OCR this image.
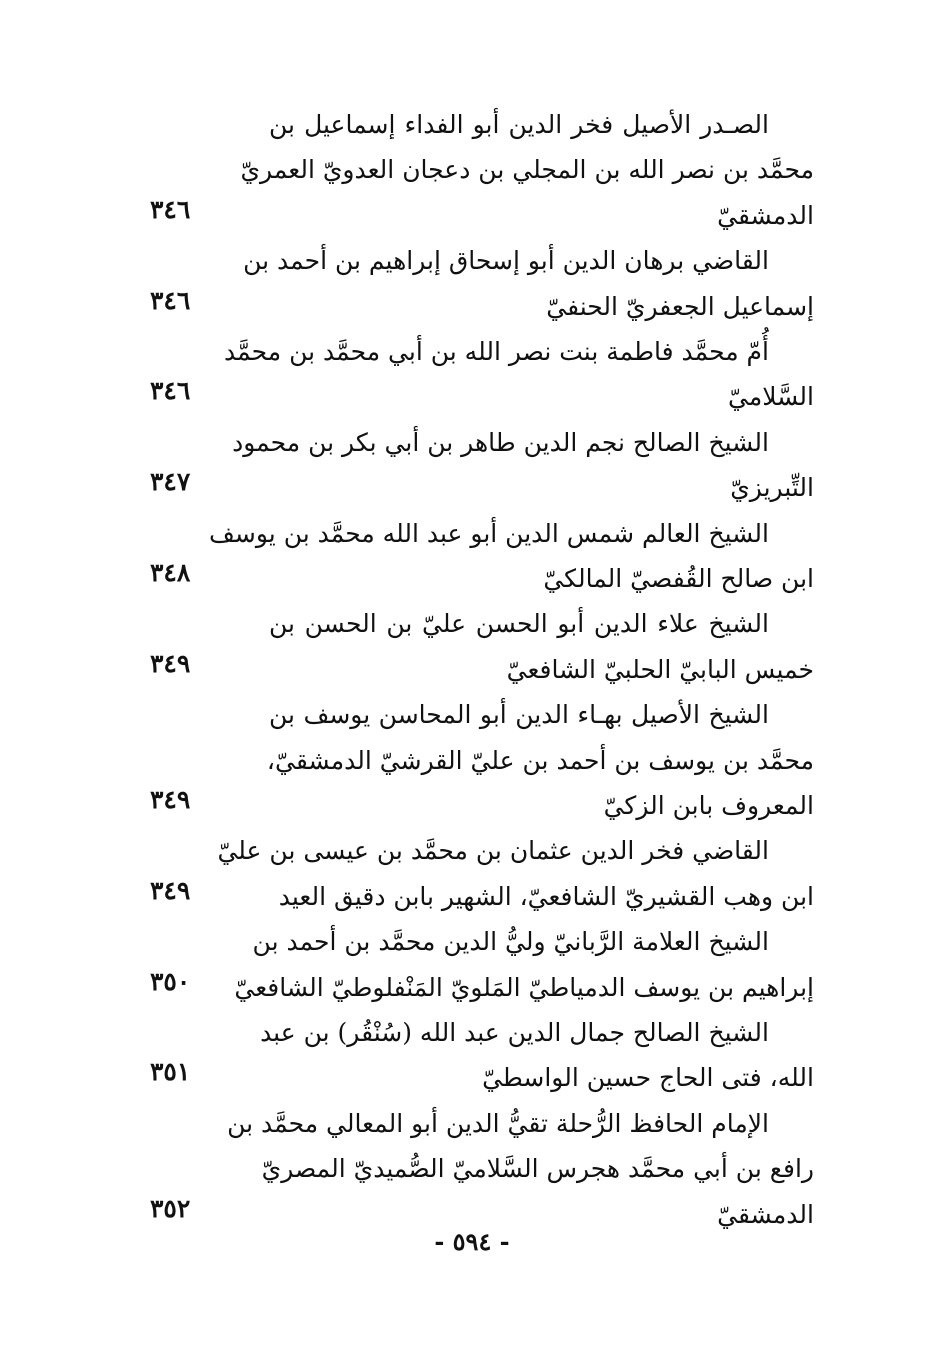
الصـدر الأصيل فخر الدين أبو الفداء إسماعيل بن
محمَّد بن نصر الله بن المجلي بن دعجان العدويّ العمريّ
الدمشقيّ
٣٤٦
القاضي برهان الدين أبو إسحاق إبراهيم بن أحمد بن
إسماعيل الجعفريّ الحنفيّ
٣٤٦
أُمّ محمَّد فاطمة بنت نصر الله بن أبي محمَّد بن محمَّد
السَّلاميّ
٣٤٦
الشيخ الصالح نجم الدين طاهر بن أبي بكر بن محمود
التِّبريزيّ
٣٤٧
الشيخ العالم شمس الدين أبو عبد الله محمَّد بن يوسف
ابن صالح القُفصيّ المالكيّ
٣٤٨
الشيخ علاء الدين أبو الحسن عليّ بن الحسن بن
خميس البابيّ الحلبيّ الشافعيّ
٣٤٩
الشيخ الأصيل بهـاء الدين أبو المحاسن يوسف بن
محمَّد بن يوسف بن أحمد بن عليّ القرشيّ الدمشقيّ،
المعروف بابن الزكيّ
٣٤٩
القاضي فخر الدين عثمان بن محمَّد بن عيسى بن عليّ
ابن وهب القشيريّ الشافعيّ، الشهير بابن دقيق العيد
٣٤٩
الشيخ العلامة الرَّبانيّ وليُّ الدين محمَّد بن أحمد بن
إبراهيم بن يوسف الدمياطيّ المَلويّ المَنْفلوطيّ الشافعيّ
٣٥٠
الشيخ الصالح جمال الدين عبد الله (سُنْقُر) بن عبد
الله، فتى الحاج حسين الواسطيّ
٣٥١
الإمام الحافظ الرُّحلة تقيُّ الدين أبو المعالي محمَّد بن
رافع بن أبي محمَّد هجرس السَّلاميّ الصُّميديّ المصريّ
الدمشقيّ
٣٥٢
- ٥٩٤ -
